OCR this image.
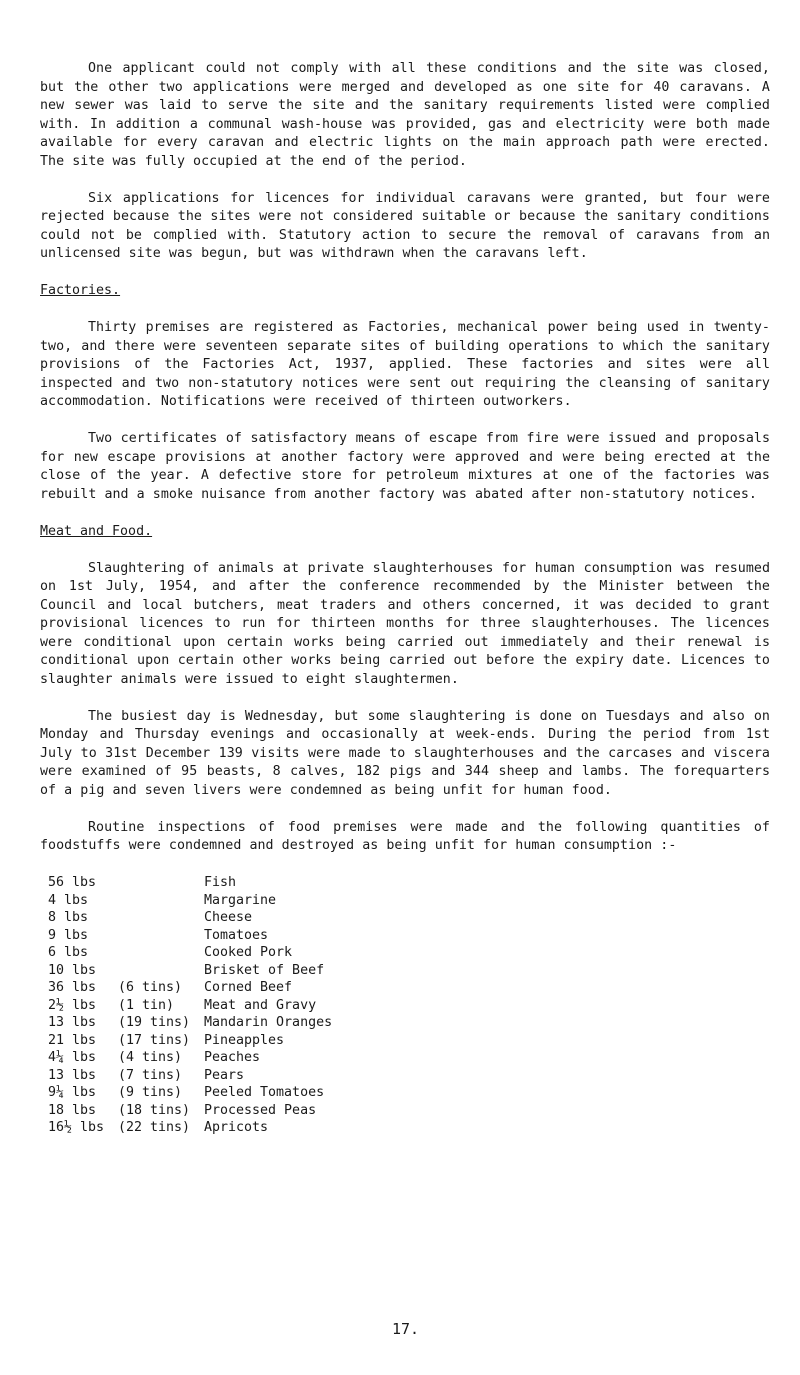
One applicant could not comply with all these conditions and the site was closed, but the other two applications were merged and developed as one site for 40 caravans. A new sewer was laid to serve the site and the sanitary requirements listed were complied with. In addition a communal wash-house was provided, gas and electricity were both made available for every caravan and electric lights on the main approach path were erected. The site was fully occupied at the end of the period.

Six applications for licences for individual caravans were granted, but four were rejected because the sites were not considered suitable or because the sanitary conditions could not be complied with. Statutory action to secure the removal of caravans from an unlicensed site was begun, but was withdrawn when the caravans left.

Factories.

Thirty premises are registered as Factories, mechanical power being used in twenty-two, and there were seventeen separate sites of building operations to which the sanitary provisions of the Factories Act, 1937, applied. These factories and sites were all inspected and two non-statutory notices were sent out requiring the cleansing of sanitary accommodation. Notifications were received of thirteen outworkers.

Two certificates of satisfactory means of escape from fire were issued and proposals for new escape provisions at another factory were approved and were being erected at the close of the year. A defective store for petroleum mixtures at one of the factories was rebuilt and a smoke nuisance from another factory was abated after non-statutory notices.

Meat and Food.

Slaughtering of animals at private slaughterhouses for human consumption was resumed on 1st July, 1954, and after the conference recommended by the Minister between the Council and local butchers, meat traders and others concerned, it was decided to grant provisional licences to run for thirteen months for three slaughterhouses. The licences were conditional upon certain works being carried out immediately and their renewal is conditional upon certain other works being carried out before the expiry date. Licences to slaughter animals were issued to eight slaughtermen.

The busiest day is Wednesday, but some slaughtering is done on Tuesdays and also on Monday and Thursday evenings and occasionally at week-ends. During the period from 1st July to 31st December 139 visits were made to slaughterhouses and the carcases and viscera were examined of 95 beasts, 8 calves, 182 pigs and 344 sheep and lambs. The forequarters of a pig and seven livers were condemned as being unfit for human food.

Routine inspections of food premises were made and the following quantities of foodstuffs were condemned and destroyed as being unfit for human consumption :-

56 lbs	Fish
4 lbs	Margarine
8 lbs	Cheese
9 lbs	Tomatoes
6 lbs	Cooked Pork
10 lbs	Brisket of Beef
36 lbs	(6 tins)	Corned Beef
2½ lbs	(1 tin)	Meat and Gravy
13 lbs	(19 tins)	Mandarin Oranges
21 lbs	(17 tins)	Pineapples
4¼ lbs	(4 tins)	Peaches
13 lbs	(7 tins)	Pears
9¼ lbs	(9 tins)	Peeled Tomatoes
18 lbs	(18 tins)	Processed Peas
16½ lbs	(22 tins)	Apricots
17.
